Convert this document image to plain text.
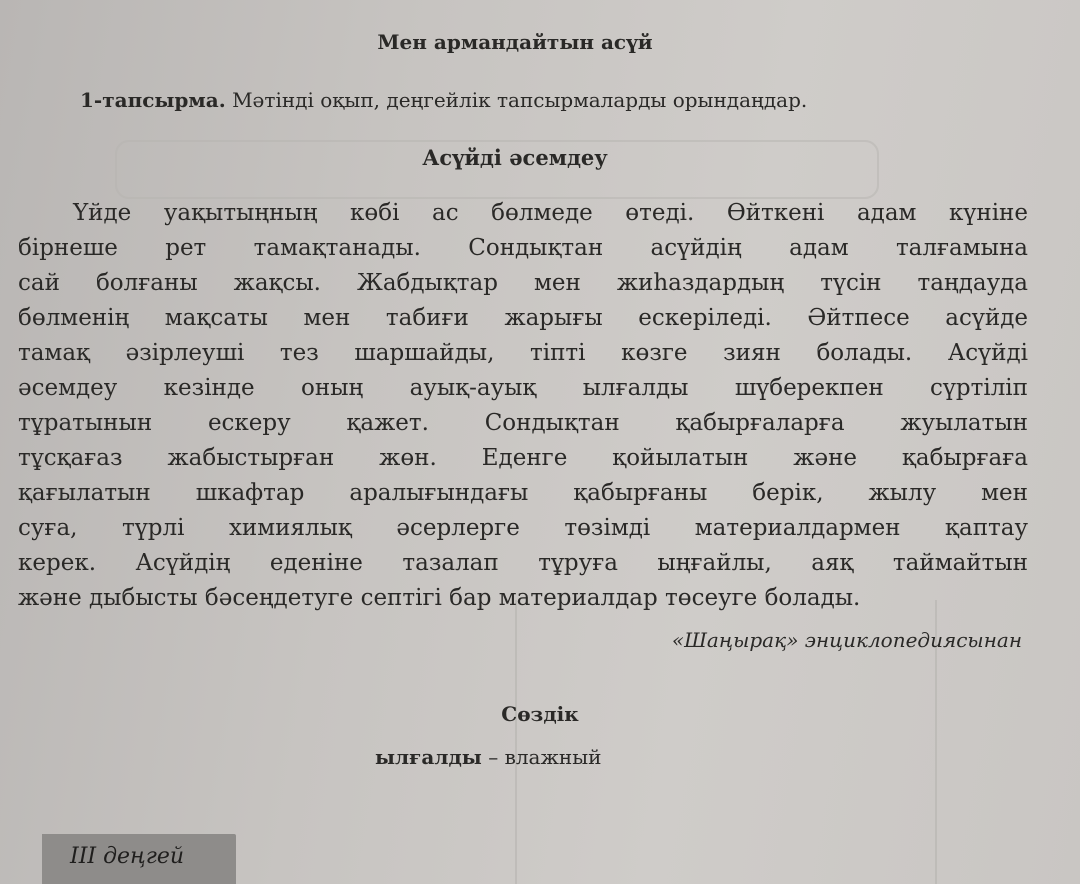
Мен армандайтын асүй
1-тапсырма. Мәтінді оқып, деңгейлік тапсырмаларды орындаңдар.
Асүйді әсемдеу
Үйде уақытыңның көбі ас бөлмеде өтеді. Өйткені адам күніне
бірнеше рет тамақтанады. Сондықтан асүйдің адам талғамына
сай болғаны жақсы. Жабдықтар мен жиһаздардың түсін таңдауда
бөлменің мақсаты мен табиғи жарығы ескеріледі. Әйтпесе асүйде
тамақ әзірлеуші тез шаршайды, тіпті көзге зиян болады. Асүйді
әсемдеу кезінде оның ауық-ауық ылғалды шүберекпен сүртіліп
тұратынын ескеру қажет. Сондықтан қабырғаларға жуылатын
тұсқағаз жабыстырған жөн. Еденге қойылатын және қабырғаға
қағылатын шкафтар аралығындағы қабырғаны берік, жылу мен
суға, түрлі химиялық әсерлерге төзімді материалдармен қаптау
керек. Асүйдің еденіне тазалап тұруға ыңғайлы, аяқ таймайтын
және дыбысты бәсеңдетуге септігі бар материалдар төсеуге болады.
«Шаңырақ» энциклопедиясынан
Сөздік
ылғалды – влажный
III деңгей
